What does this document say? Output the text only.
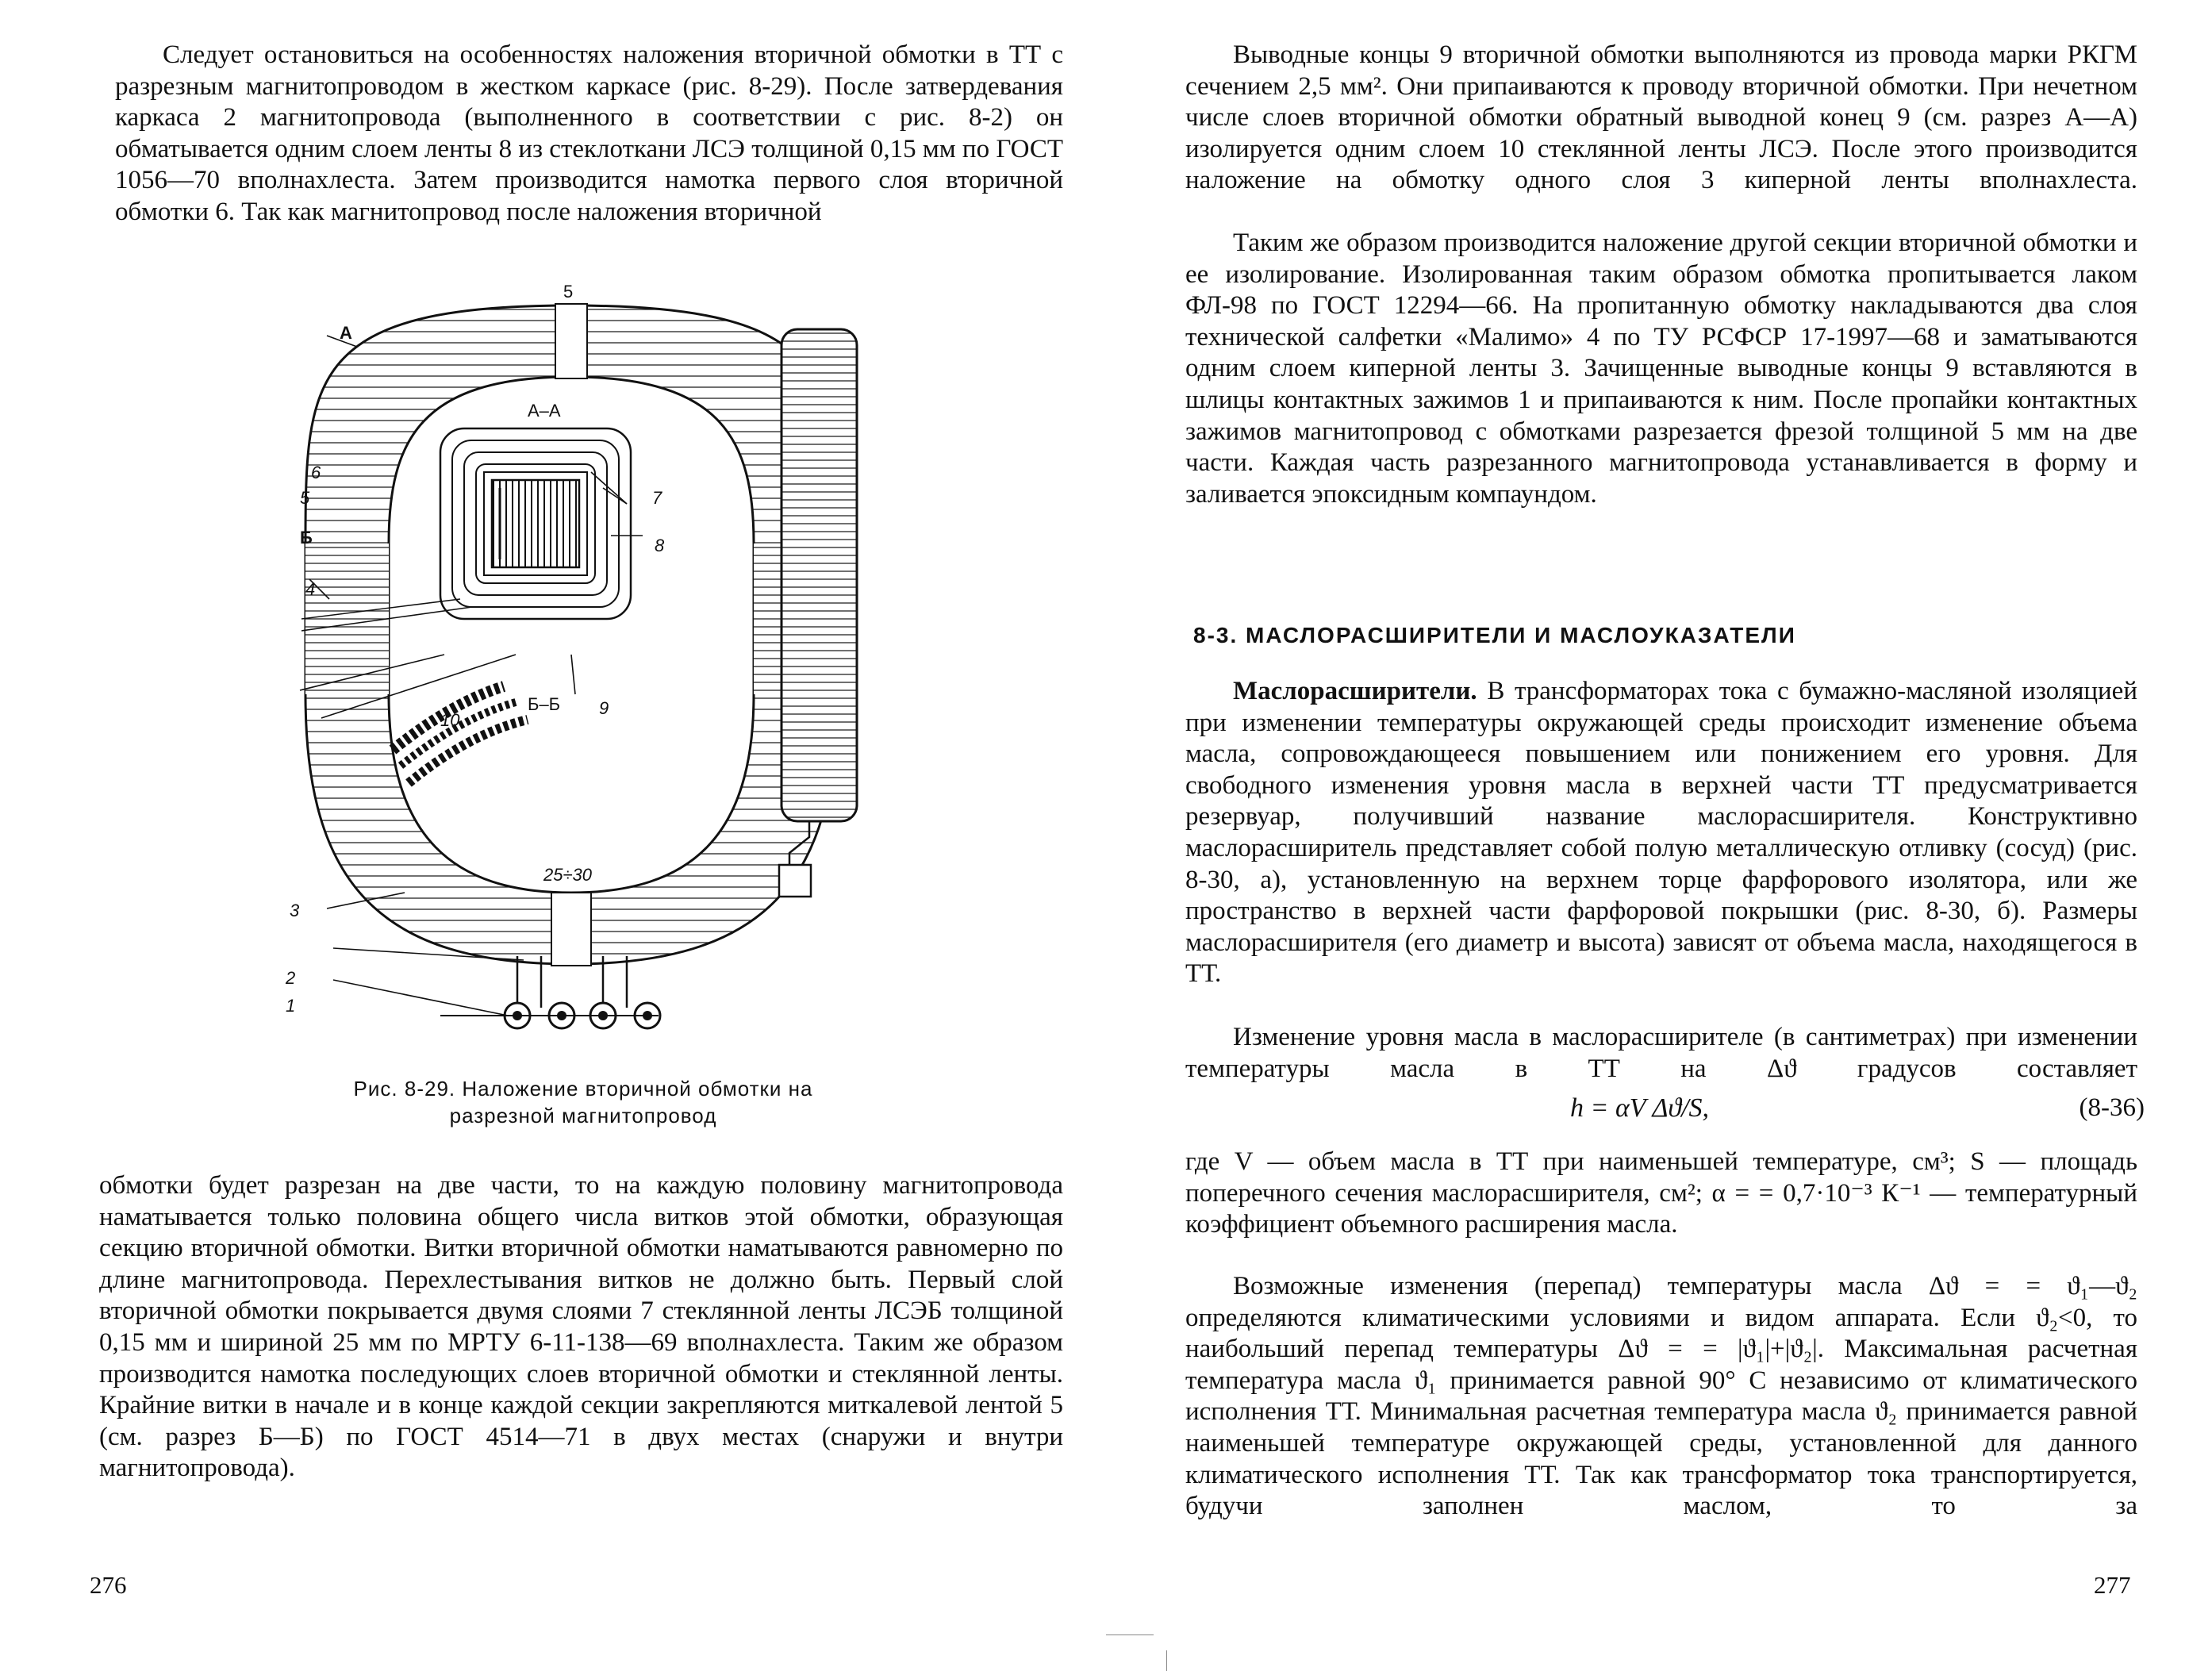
Следует остановиться на особенностях наложения вторичной обмотки в ТТ с разрезным магнитопроводом в жестком каркасе (рис. 8-29). После затвердевания каркаса 2 магнитопровода (выполненного в соответствии с рис. 8-2) он обматывается одним слоем ленты 8 из стеклоткани ЛСЭ толщиной 0,15 мм по ГОСТ 1056—70 вполнахлеста. Затем производится намотка первого слоя вторичной обмотки 6. Так как магнитопровод после наложения вторичной

5
А
А–А
Б–Б
25÷30
1
2
3
4
5
6
7
8
9
10
Б
Рис. 8-29. Наложение вторичной обмотки на
разрезной магнитопровод

обмотки будет разрезан на две части, то на каждую половину магнитопровода наматывается только половина общего числа витков этой обмотки, образующая секцию вторичной обмотки. Витки вторичной обмотки наматываются равномерно по длине магнитопровода. Перехлестывания витков не должно быть. Первый слой вторичной обмотки покрывается двумя слоями 7 стеклянной ленты ЛСЭБ толщиной 0,15 мм и шириной 25 мм по МРТУ 6-11-138—69 вполнахлеста. Таким же образом производится намотка последующих слоев вторичной обмотки и стеклянной ленты. Крайние витки в начале и в конце каждой секции закрепляются миткалевой лентой 5 (см. разрез Б—Б) по ГОСТ 4514—71 в двух местах (снаружи и внутри магнитопровода).

276

Выводные концы 9 вторичной обмотки выполняются из провода марки РКГМ сечением 2,5 мм². Они припаиваются к проводу вторичной обмотки. При нечетном числе слоев вторичной обмотки обратный выводной конец 9 (см. разрез А—А) изолируется одним слоем 10 стеклянной ленты ЛСЭ. После этого производится наложение на обмотку одного слоя 3 киперной ленты вполнахлеста.

Таким же образом производится наложение другой секции вторичной обмотки и ее изолирование. Изолированная таким образом обмотка пропитывается лаком ФЛ-98 по ГОСТ 12294—66. На пропитанную обмотку накладываются два слоя технической салфетки «Малимо» 4 по ТУ РСФСР 17-1997—68 и заматываются одним слоем киперной ленты 3. Зачищенные выводные концы 9 вставляются в шлицы контактных зажимов 1 и припаиваются к ним. После пропайки контактных зажимов магнитопровод с обмотками разрезается фрезой толщиной 5 мм на две части. Каждая часть разрезанного магнитопровода устанавливается в форму и заливается эпоксидным компаундом.

8-3. МАСЛОРАСШИРИТЕЛИ И МАСЛОУКАЗАТЕЛИ

Маслорасширители. В трансформаторах тока с бумажно-масляной изоляцией при изменении температуры окружающей среды происходит изменение объема масла, сопровождающееся повышением или понижением его уровня. Для свободного изменения уровня масла в верхней части ТТ предусматривается резервуар, получивший название маслорасширителя. Конструктивно маслорасширитель представляет собой полую металлическую отливку (сосуд) (рис. 8-30, а), установленную на верхнем торце фарфорового изолятора, или же пространство в верхней части фарфоровой покрышки (рис. 8-30, б). Размеры маслорасширителя (его диаметр и высота) зависят от объема масла, находящегося в ТТ.

Изменение уровня масла в маслорасширителе (в сантиметрах) при изменении температуры масла в ТТ на Δϑ градусов составляет

h = αV Δϑ/S,	(8-36)

где V — объем масла в ТТ при наименьшей температуре, см³; S — площадь поперечного сечения маслорасширителя, см²; α = = 0,7·10⁻³ К⁻¹ — температурный коэффициент объемного расширения масла.

Возможные изменения (перепад) температуры масла Δϑ = = ϑ₁—ϑ₂ определяются климатическими условиями и видом аппарата. Если ϑ₂<0, то наибольший перепад температуры Δϑ = = |ϑ₁|+|ϑ₂|. Максимальная расчетная температура масла ϑ₁ принимается равной 90° С независимо от климатического исполнения ТТ. Минимальная расчетная температура масла ϑ₂ принимается равной наименьшей температуре окружающей среды, установленной для данного климатического исполнения ТТ. Так как трансформатор тока транспортируется, будучи заполнен маслом, то за

277
